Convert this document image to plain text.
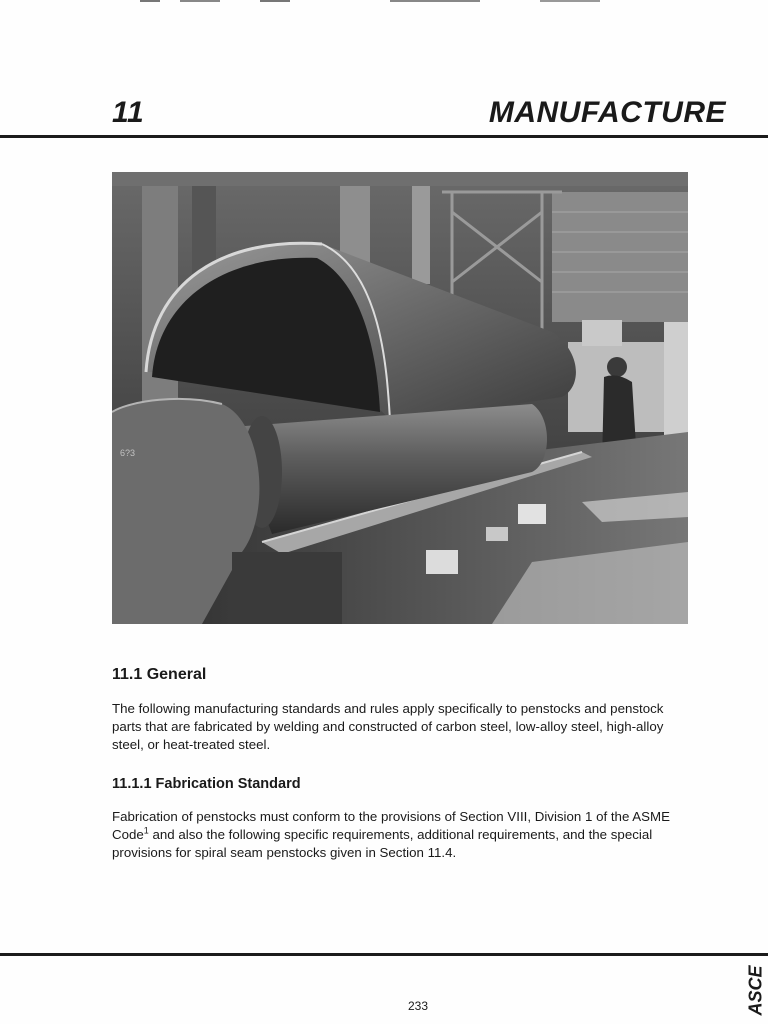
11	MANUFACTURE
6?3
11.1 General
The following manufacturing standards and rules apply specifically to penstocks and penstock
parts that are fabricated by welding and constructed of carbon steel, low-alloy steel, high-alloy
steel, or heat-treated steel.
11.1.1 Fabrication Standard
Fabrication of penstocks must conform to the provisions of Section VIII, Division 1 of the ASME
Code$^1$ and also the following specific requirements, additional requirements, and the special
provisions for spiral seam penstocks given in Section 11.4.
233	ASCE
